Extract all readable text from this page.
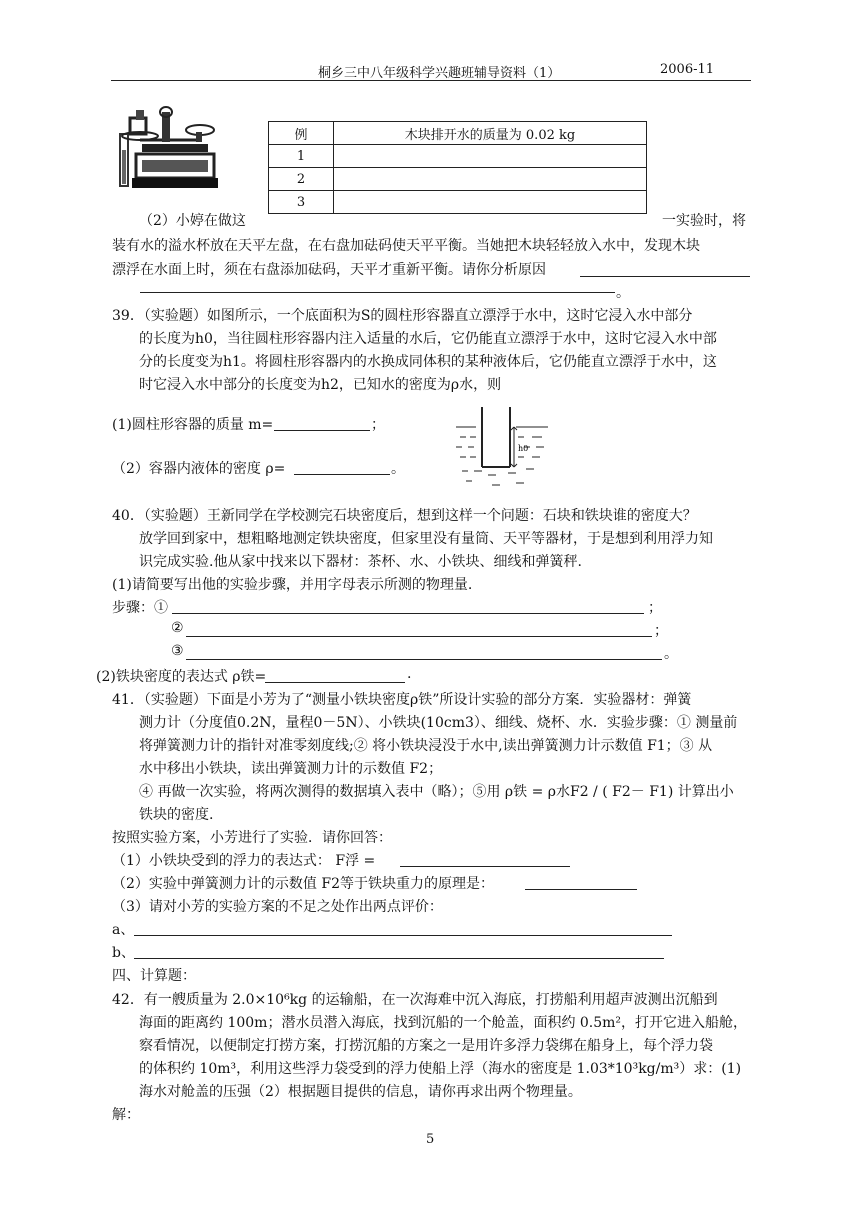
桐乡三中八年级科学兴趣班辅导资料（1）	2006-11
例	木块排开水的质量为 0.02 kg
1	
2	
3	
（2）小婷在做这	一实验时，将
装有水的溢水杯放在天平左盘，在右盘加砝码使天平平衡。当她把木块轻轻放入水中，发现木块
漂浮在水面上时，须在右盘添加砝码，天平才重新平衡。请你分析原因
。
39．（实验题）如图所示，一个底面积为S的圆柱形容器直立漂浮于水中，这时它浸入水中部分
的长度为h0，当往圆柱形容器内注入适量的水后，它仍能直立漂浮于水中，这时它浸入水中部
分的长度变为h1。将圆柱形容器内的水换成同体积的某种液体后，它仍能直立漂浮于水中，这
时它浸入水中部分的长度变为h2，已知水的密度为ρ水，则
(1)圆柱形容器的质量 m=	；
（2）容器内液体的密度 ρ=	。
h0
40．（实验题）王新同学在学校测完石块密度后，想到这样一个问题：石块和铁块谁的密度大？
放学回到家中，想粗略地测定铁块密度，但家里没有量筒、天平等器材，于是想到利用浮力知
识完成实验.他从家中找来以下器材：茶杯、水、小铁块、细线和弹簧秤.
(1)请简要写出他的实验步骤，并用字母表示所测的物理量.
步骤：①	；
②	；
③	。
(2)铁块密度的表达式 ρ铁=	.
41．（实验题）下面是小芳为了“测量小铁块密度ρ铁”所设计实验的部分方案．实验器材：弹簧
测力计（分度值0.2N，量程0－5N）、小铁块(10cm3）、细线、烧杯、水．实验步骤：① 测量前
将弹簧测力计的指针对准零刻度线;② 将小铁块浸没于水中,读出弹簧测力计示数值 F1；③ 从
水中移出小铁块，读出弹簧测力计的示数值 F2；
④ 再做一次实验，将两次测得的数据填入表中（略）；⑤用 ρ铁 = ρ水F2 / ( F2－ F1) 计算出小
铁块的密度.
按照实验方案，小芳进行了实验．请你回答：
（1）小铁块受到的浮力的表达式： F浮 =
（2）实验中弹簧测力计的示数值 F2等于铁块重力的原理是：
（3）请对小芳的实验方案的不足之处作出两点评价：
a、
b、
四、计算题：
42．有一艘质量为 2.0×10⁶kg 的运输船，在一次海难中沉入海底，打捞船利用超声波测出沉船到
海面的距离约 100m；潜水员潜入海底，找到沉船的一个舱盖，面积约 0.5m²，打开它进入船舱，
察看情况，以便制定打捞方案，打捞沉船的方案之一是用许多浮力袋绑在船身上，每个浮力袋
的体积约 10m³，利用这些浮力袋受到的浮力使船上浮（海水的密度是 1.03*10³kg/m³）求：(1)
海水对舱盖的压强（2）根据题目提供的信息，请你再求出两个物理量。
解：
5
